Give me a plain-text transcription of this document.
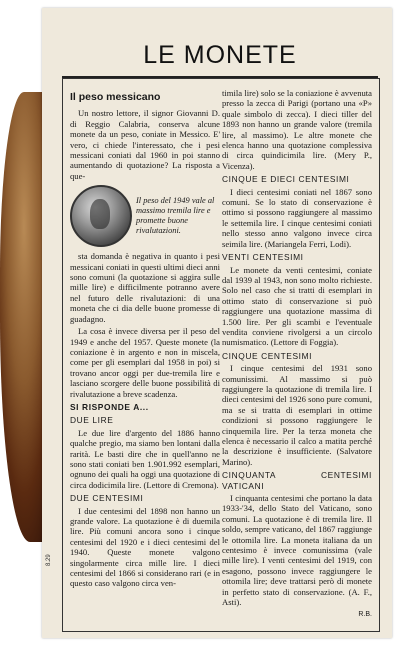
LE MONETE
8.29
Il peso messicano

Un nostro lettore, il signor Giovanni D. di Reggio Calabria, conserva alcune monete da un peso, coniate in Messico. E' vero, ci chiede l'interessato, che i pesi messicani coniati dal 1960 in poi stanno aumentando di quotazione? La risposta a que-

Il peso del 1949 vale al massimo tremila lire e promette buone rivalutazioni.

sta domanda è negativa in quanto i pesi messicani coniati in questi ultimi dieci anni sono comuni (la quotazione si aggira sulle mille lire) e difficilmente potranno avere nel futuro delle rivalutazioni: di una moneta che ci dia delle buone promesse di guadagno.

La cosa è invece diversa per il peso del 1949 e anche del 1957. Queste monete (la coniazione è in argento e non in miscela, come per gli esemplari dal 1958 in poi) si trovano ancor oggi per due-tremila lire e lasciano scorgere delle buone possibilità di rivalutazione a breve scadenza.

SI RISPONDE A...
DUE LIRE

Le due lire d'argento del 1886 hanno qualche pregio, ma siamo ben lontani dalla rarità. Le basti dire che in quell'anno ne sono stati coniati ben 1.901.992 esemplari, ognuno dei quali ha oggi una quotazione di circa dodicimila lire. (Lettore di Cremona).

DUE CENTESIMI

I due centesimi del 1898 non hanno un grande valore. La quotazione è di duemila lire. Più comuni ancora sono i cinque centesimi del 1920 e i dieci centesimi del 1940. Queste monete valgono singolarmente circa mille lire. I dieci centesimi del 1866 si considerano rari (e in questo caso valgono circa ven-

timila lire) solo se la coniazione è avvenuta presso la zecca di Parigi (portano una «P» quale simbolo di zecca). I dieci tiller del 1893 non hanno un grande valore (tremila lire, al massimo). Le altre monete che elenca hanno una quotazione complessiva di circa quindicimila lire. (Mery P., Vicenza).

CINQUE E DIECI CENTESIMI

I dieci centesimi coniati nel 1867 sono comuni. Se lo stato di conservazione è ottimo si possono raggiungere al massimo le settemila lire. I cinque centesimi coniati nello stesso anno valgono invece circa seimila lire. (Mariangela Ferri, Lodi).

VENTI CENTESIMI

Le monete da venti centesimi, coniate dal 1939 al 1943, non sono molto richieste. Solo nel caso che si tratti di esemplari in ottimo stato di conservazione si può raggiungere una quotazione massima di 1.500 lire. Per gli scambi e l'eventuale vendita conviene rivolgersi a un circolo numismatico. (Lettore di Foggia).

CINQUE CENTESIMI

I cinque centesimi del 1931 sono comunissimi. Al massimo si può raggiungere la quotazione di tremila lire. I dieci centesimi del 1926 sono pure comuni, ma se si tratta di esemplari in ottime condizioni si possono raggiungere le cinquemila lire. Per la terza moneta che elenca è necessario il calco a matita perché la descrizione è insufficiente. (Salvatore Marino).

CINQUANTA CENTESIMI VATICANI

I cinquanta centesimi che portano la data 1933-'34, dello Stato del Vaticano, sono comuni. La quotazione è di tremila lire. Il soldo, sempre vaticano, del 1867 raggiunge le ottomila lire. La moneta italiana da un centesimo è invece comunissima (vale mille lire). I venti centesimi del 1919, con esagono, possono invece raggiungere le ottomila lire; deve trattarsi però di monete in perfetto stato di conservazione. (A. F., Asti).

R.B.
